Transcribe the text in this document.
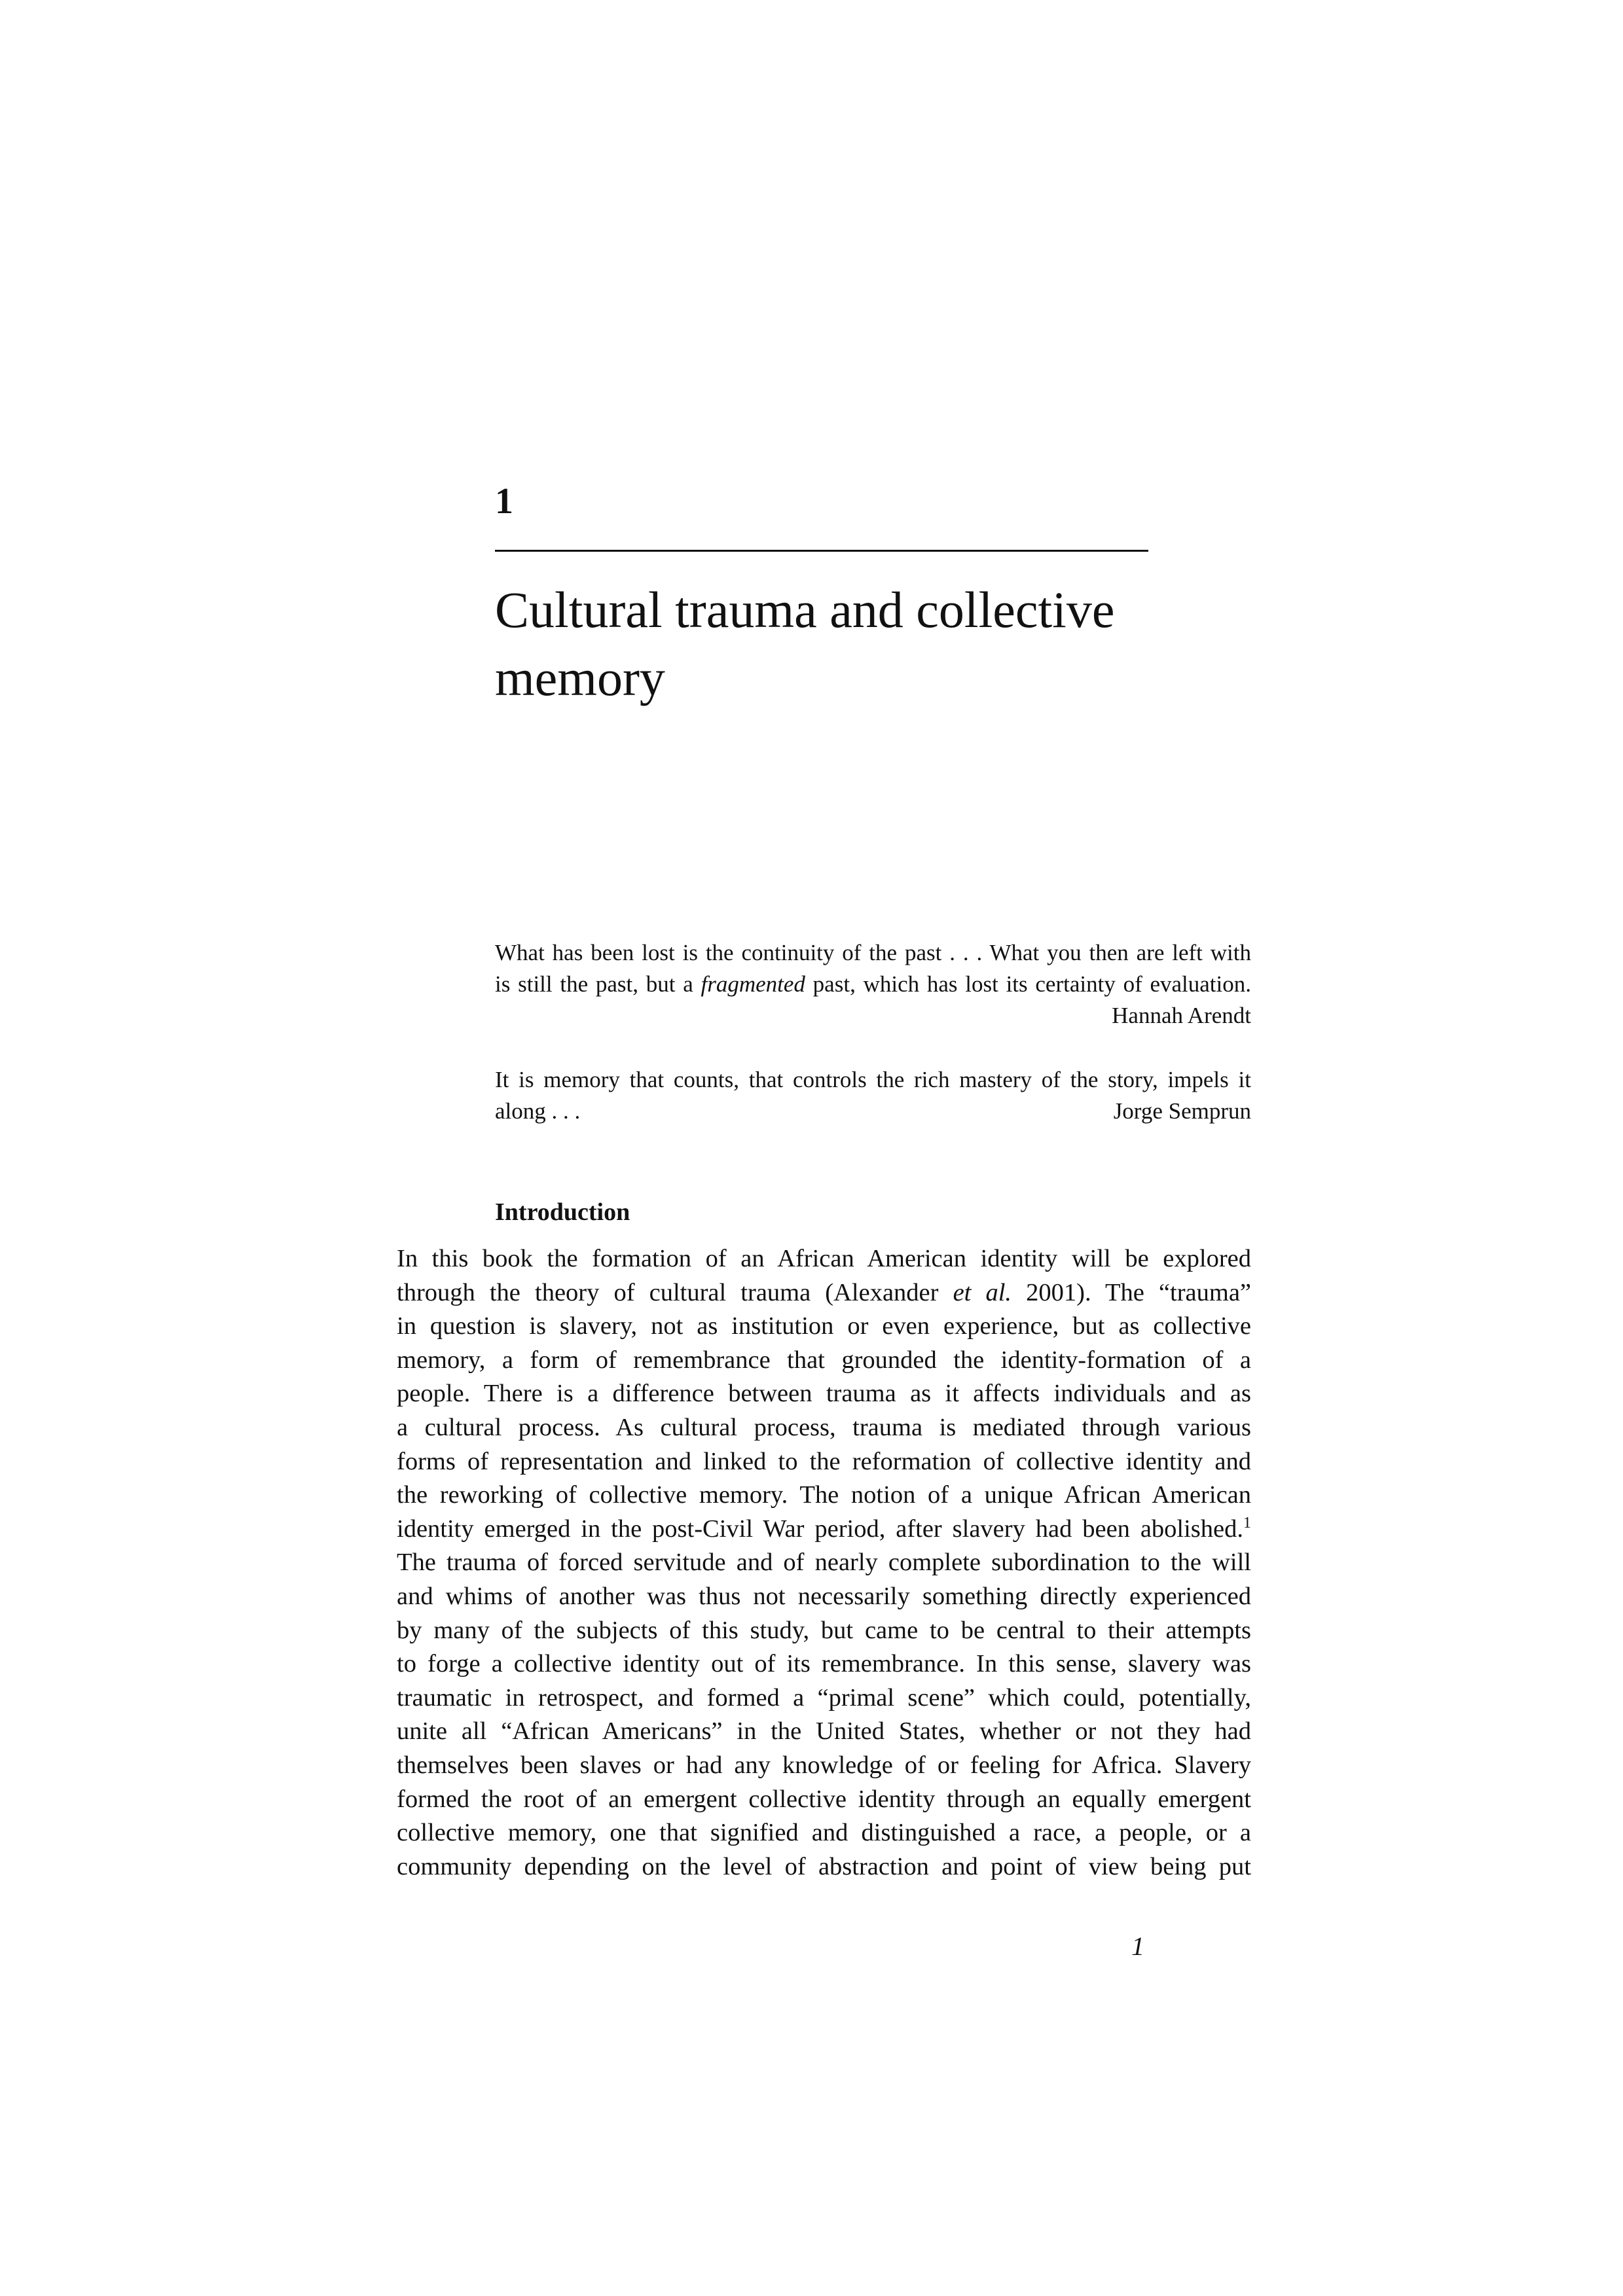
1
Cultural trauma and collective memory
What has been lost is the continuity of the past . . . What you then are left with
is still the past, but a fragmented past, which has lost its certainty of evaluation.
Hannah Arendt
It is memory that counts, that controls the rich mastery of the story, impels it
along . . .	Jorge Semprun
Introduction
In this book the formation of an African American identity will be explored
through the theory of cultural trauma (Alexander et al. 2001). The “trauma”
in question is slavery, not as institution or even experience, but as collective
memory, a form of remembrance that grounded the identity-formation of a
people. There is a difference between trauma as it affects individuals and as
a cultural process. As cultural process, trauma is mediated through various
forms of representation and linked to the reformation of collective identity and
the reworking of collective memory. The notion of a unique African American
identity emerged in the post-Civil War period, after slavery had been abolished.$^1$
The trauma of forced servitude and of nearly complete subordination to the will
and whims of another was thus not necessarily something directly experienced
by many of the subjects of this study, but came to be central to their attempts
to forge a collective identity out of its remembrance. In this sense, slavery was
traumatic in retrospect, and formed a “primal scene” which could, potentially,
unite all “African Americans” in the United States, whether or not they had
themselves been slaves or had any knowledge of or feeling for Africa. Slavery
formed the root of an emergent collective identity through an equally emergent
collective memory, one that signified and distinguished a race, a people, or a
community depending on the level of abstraction and point of view being put
1
